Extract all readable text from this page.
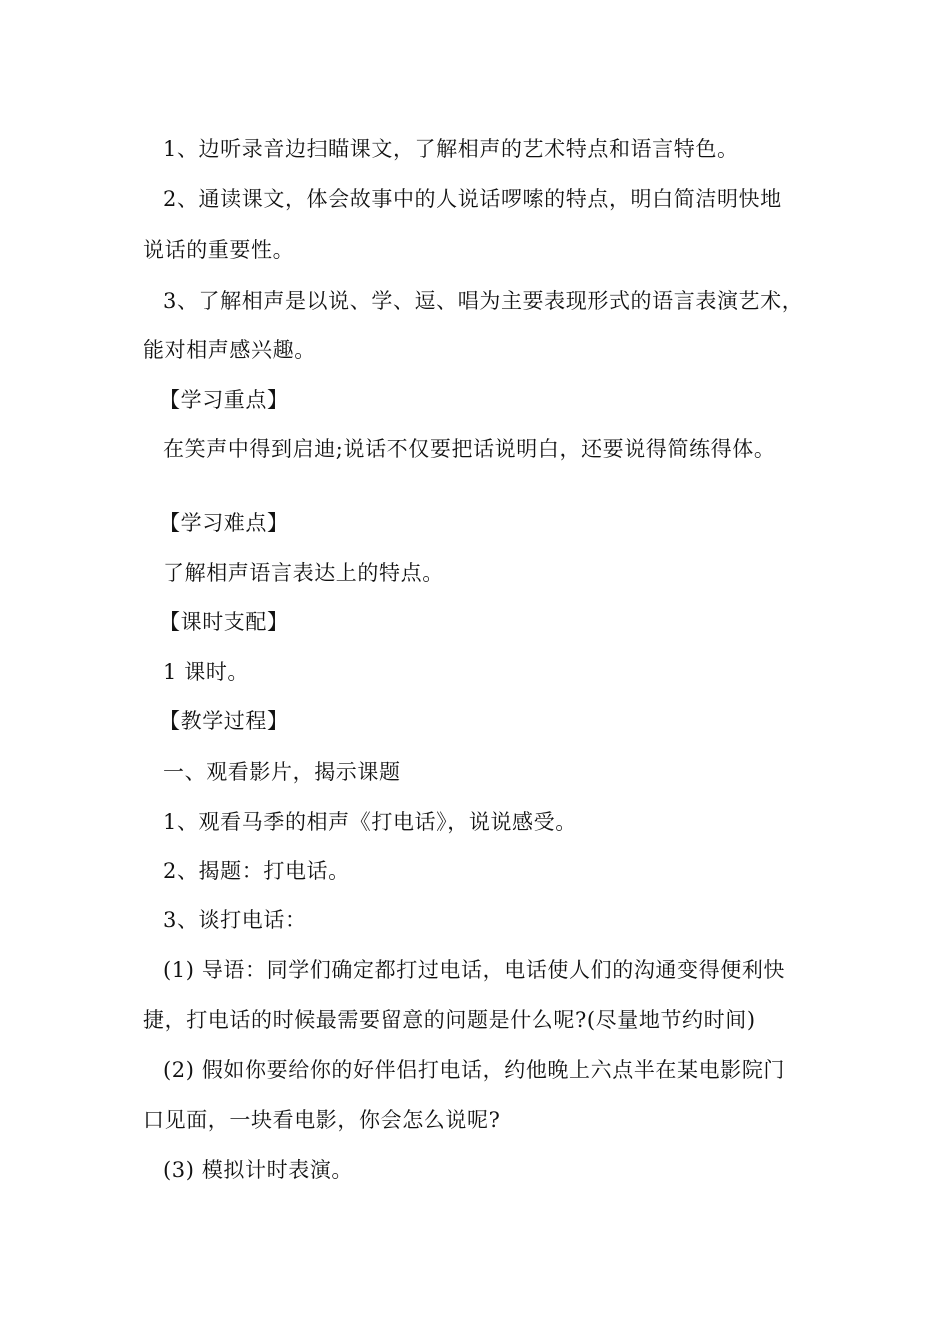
1、边听录音边扫瞄课文，了解相声的艺术特点和语言特色。
2、通读课文，体会故事中的人说话啰嗦的特点，明白简洁明快地
说话的重要性。
3、了解相声是以说、学、逗、唱为主要表现形式的语言表演艺术，
能对相声感兴趣。
【学习重点】
在笑声中得到启迪;说话不仅要把话说明白，还要说得简练得体。
【学习难点】
了解相声语言表达上的特点。
【课时支配】
1 课时。
【教学过程】
一、观看影片，揭示课题
1、观看马季的相声《打电话》，说说感受。
2、揭题：打电话。
3、谈打电话：
(1) 导语：同学们确定都打过电话，电话使人们的沟通变得便利快
捷，打电话的时候最需要留意的问题是什么呢?(尽量地节约时间)
(2) 假如你要给你的好伴侣打电话，约他晚上六点半在某电影院门
口见面，一块看电影，你会怎么说呢?
(3) 模拟计时表演。
